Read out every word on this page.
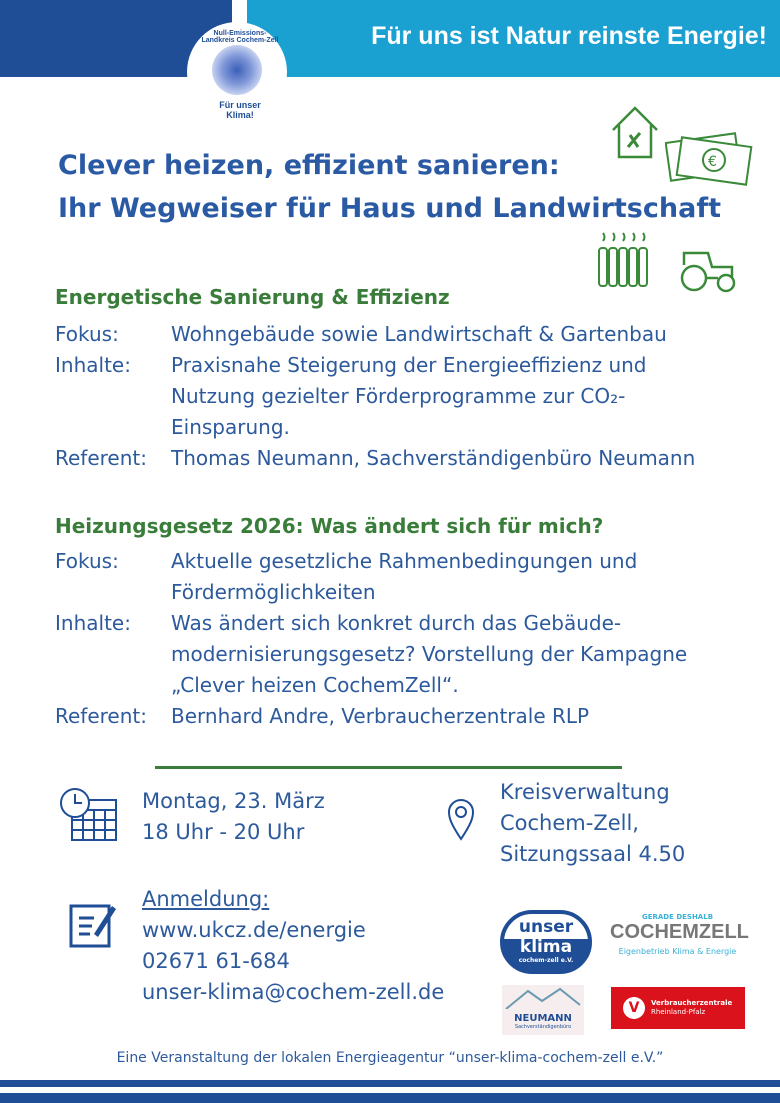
Für uns ist Natur reinste Energie!
Null-Emissions-Landkreis Cochem-Zell
Für unser Klima!
€
Clever heizen, effizient sanieren:
Ihr Wegweiser für Haus und Landwirtschaft
Energetische Sanierung & Effizienz
Fokus:	Wohngebäude sowie Landwirtschaft & Gartenbau
Inhalte:	Praxisnahe Steigerung der Energieeffizienz und Nutzung gezielter Förderprogramme zur CO₂-Einsparung.
Referent:	Thomas Neumann, Sachverständigenbüro Neumann
Heizungsgesetz 2026: Was ändert sich für mich?
Fokus:	Aktuelle gesetzliche Rahmenbedingungen und Fördermöglichkeiten
Inhalte:	Was ändert sich konkret durch das Gebäude-modernisierungsgesetz? Vorstellung der Kampagne „Clever heizen CochemZell“.
Referent:	Bernhard Andre, Verbraucherzentrale RLP
Montag, 23. März
18 Uhr - 20 Uhr
Kreisverwaltung
Cochem-Zell,
Sitzungssaal 4.50
Anmeldung:
www.ukcz.de/energie
02671 61-684
unser-klima@cochem-zell.de
unser
klima
cochem-zell e.V.
GERADE DESHALB
COCHEMZELL
Eigenbetrieb Klima & Energie
NEUMANN
Sachverständigenbüro
V	Verbraucherzentrale
Rheinland-Pfalz
Eine Veranstaltung der lokalen Energieagentur “unser-klima-cochem-zell e.V.”
